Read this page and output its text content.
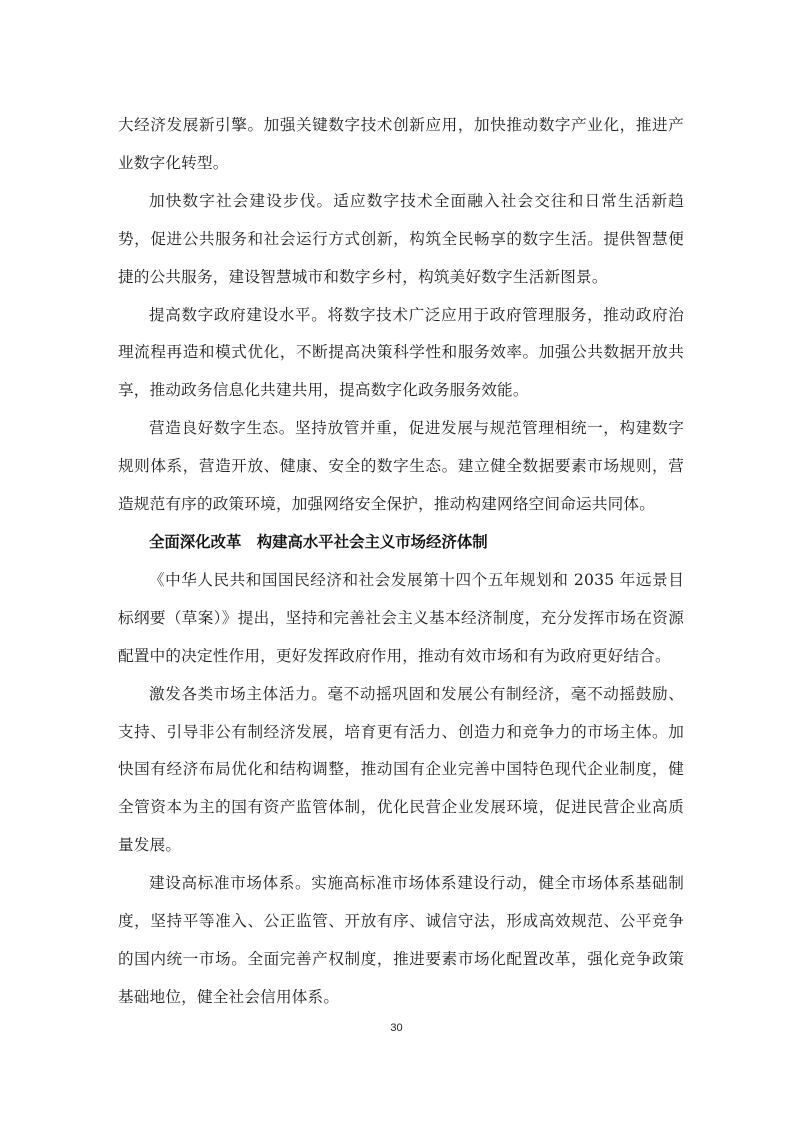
大经济发展新引擎。加强关键数字技术创新应用，加快推动数字产业化，推进产业数字化转型。

加快数字社会建设步伐。适应数字技术全面融入社会交往和日常生活新趋势，促进公共服务和社会运行方式创新，构筑全民畅享的数字生活。提供智慧便捷的公共服务，建设智慧城市和数字乡村，构筑美好数字生活新图景。

提高数字政府建设水平。将数字技术广泛应用于政府管理服务，推动政府治理流程再造和模式优化，不断提高决策科学性和服务效率。加强公共数据开放共享，推动政务信息化共建共用，提高数字化政务服务效能。

营造良好数字生态。坚持放管并重，促进发展与规范管理相统一，构建数字规则体系，营造开放、健康、安全的数字生态。建立健全数据要素市场规则，营造规范有序的政策环境，加强网络安全保护，推动构建网络空间命运共同体。

全面深化改革　构建高水平社会主义市场经济体制

《中华人民共和国国民经济和社会发展第十四个五年规划和 2035 年远景目标纲要（草案）》提出，坚持和完善社会主义基本经济制度，充分发挥市场在资源配置中的决定性作用，更好发挥政府作用，推动有效市场和有为政府更好结合。

激发各类市场主体活力。毫不动摇巩固和发展公有制经济，毫不动摇鼓励、支持、引导非公有制经济发展，培育更有活力、创造力和竞争力的市场主体。加快国有经济布局优化和结构调整，推动国有企业完善中国特色现代企业制度，健全管资本为主的国有资产监管体制，优化民营企业发展环境，促进民营企业高质量发展。

建设高标准市场体系。实施高标准市场体系建设行动，健全市场体系基础制度，坚持平等准入、公正监管、开放有序、诚信守法，形成高效规范、公平竞争的国内统一市场。全面完善产权制度，推进要素市场化配置改革，强化竞争政策基础地位，健全社会信用体系。

30
